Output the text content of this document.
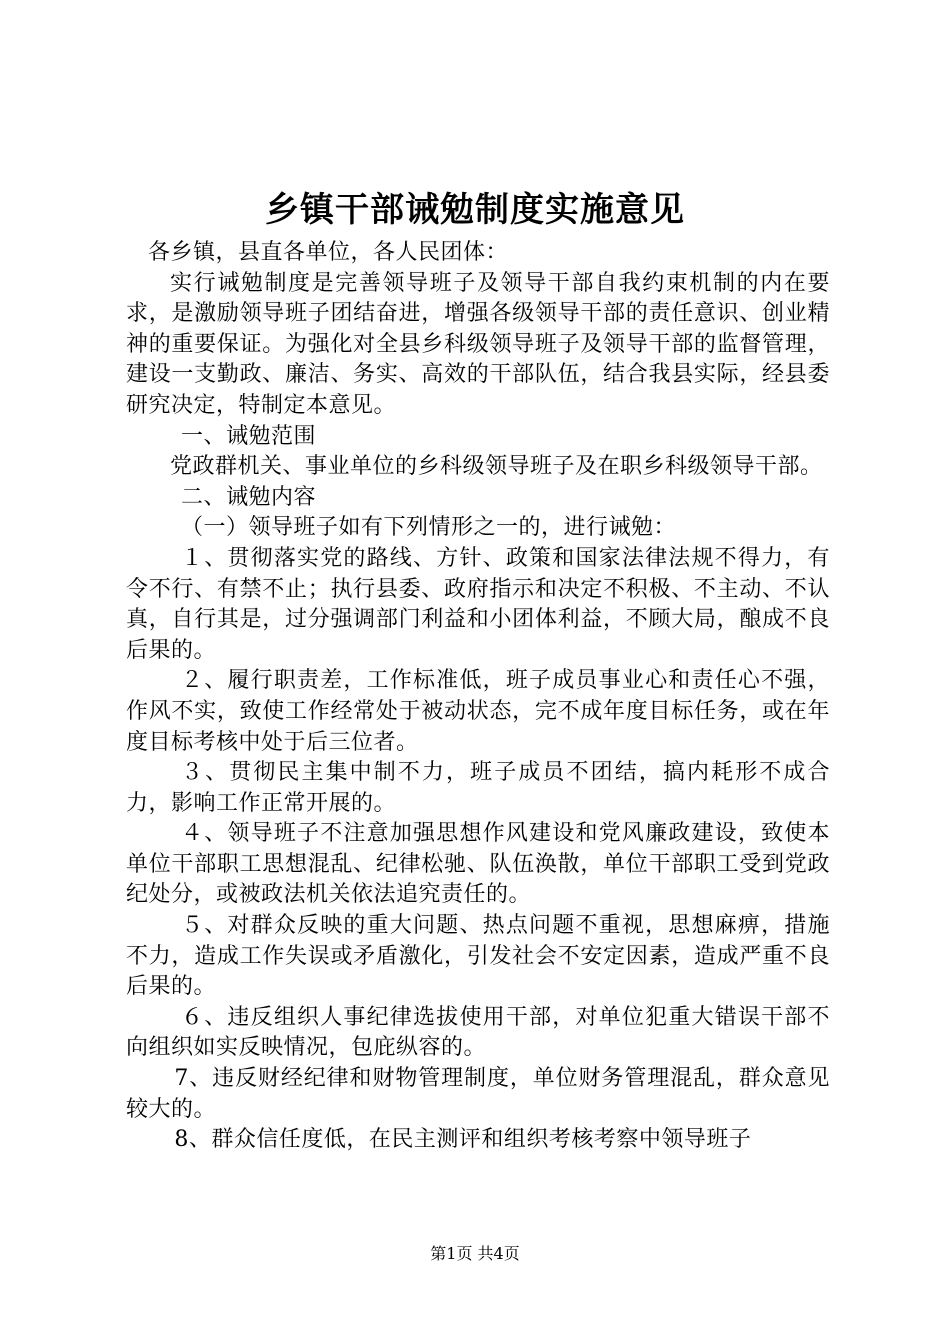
乡镇干部诫勉制度实施意见

各乡镇，县直各单位，各人民团体：

实行诫勉制度是完善领导班子及领导干部自我约束机制的内在要求，是激励领导班子团结奋进，增强各级领导干部的责任意识、创业精神的重要保证。为强化对全县乡科级领导班子及领导干部的监督管理，建设一支勤政、廉洁、务实、高效的干部队伍，结合我县实际，经县委研究决定，特制定本意见。

一、诫勉范围

党政群机关、事业单位的乡科级领导班子及在职乡科级领导干部。

二、诫勉内容

（一）领导班子如有下列情形之一的，进行诫勉：

１、贯彻落实党的路线、方针、政策和国家法律法规不得力，有令不行、有禁不止；执行县委、政府指示和决定不积极、不主动、不认真，自行其是，过分强调部门利益和小团体利益，不顾大局，酿成不良后果的。

２、履行职责差，工作标准低，班子成员事业心和责任心不强，作风不实，致使工作经常处于被动状态，完不成年度目标任务，或在年度目标考核中处于后三位者。

３、贯彻民主集中制不力，班子成员不团结，搞内耗形不成合力，影响工作正常开展的。

４、领导班子不注意加强思想作风建设和党风廉政建设，致使本单位干部职工思想混乱、纪律松驰、队伍涣散，单位干部职工受到党政纪处分，或被政法机关依法追究责任的。

５、对群众反映的重大问题、热点问题不重视，思想麻痹，措施不力，造成工作失误或矛盾激化，引发社会不安定因素，造成严重不良后果的。

６、违反组织人事纪律选拔使用干部，对单位犯重大错误干部不向组织如实反映情况，包庇纵容的。

7、违反财经纪律和财物管理制度，单位财务管理混乱，群众意见较大的。

8、群众信任度低，在民主测评和组织考核考察中领导班子

第1页 共4页
